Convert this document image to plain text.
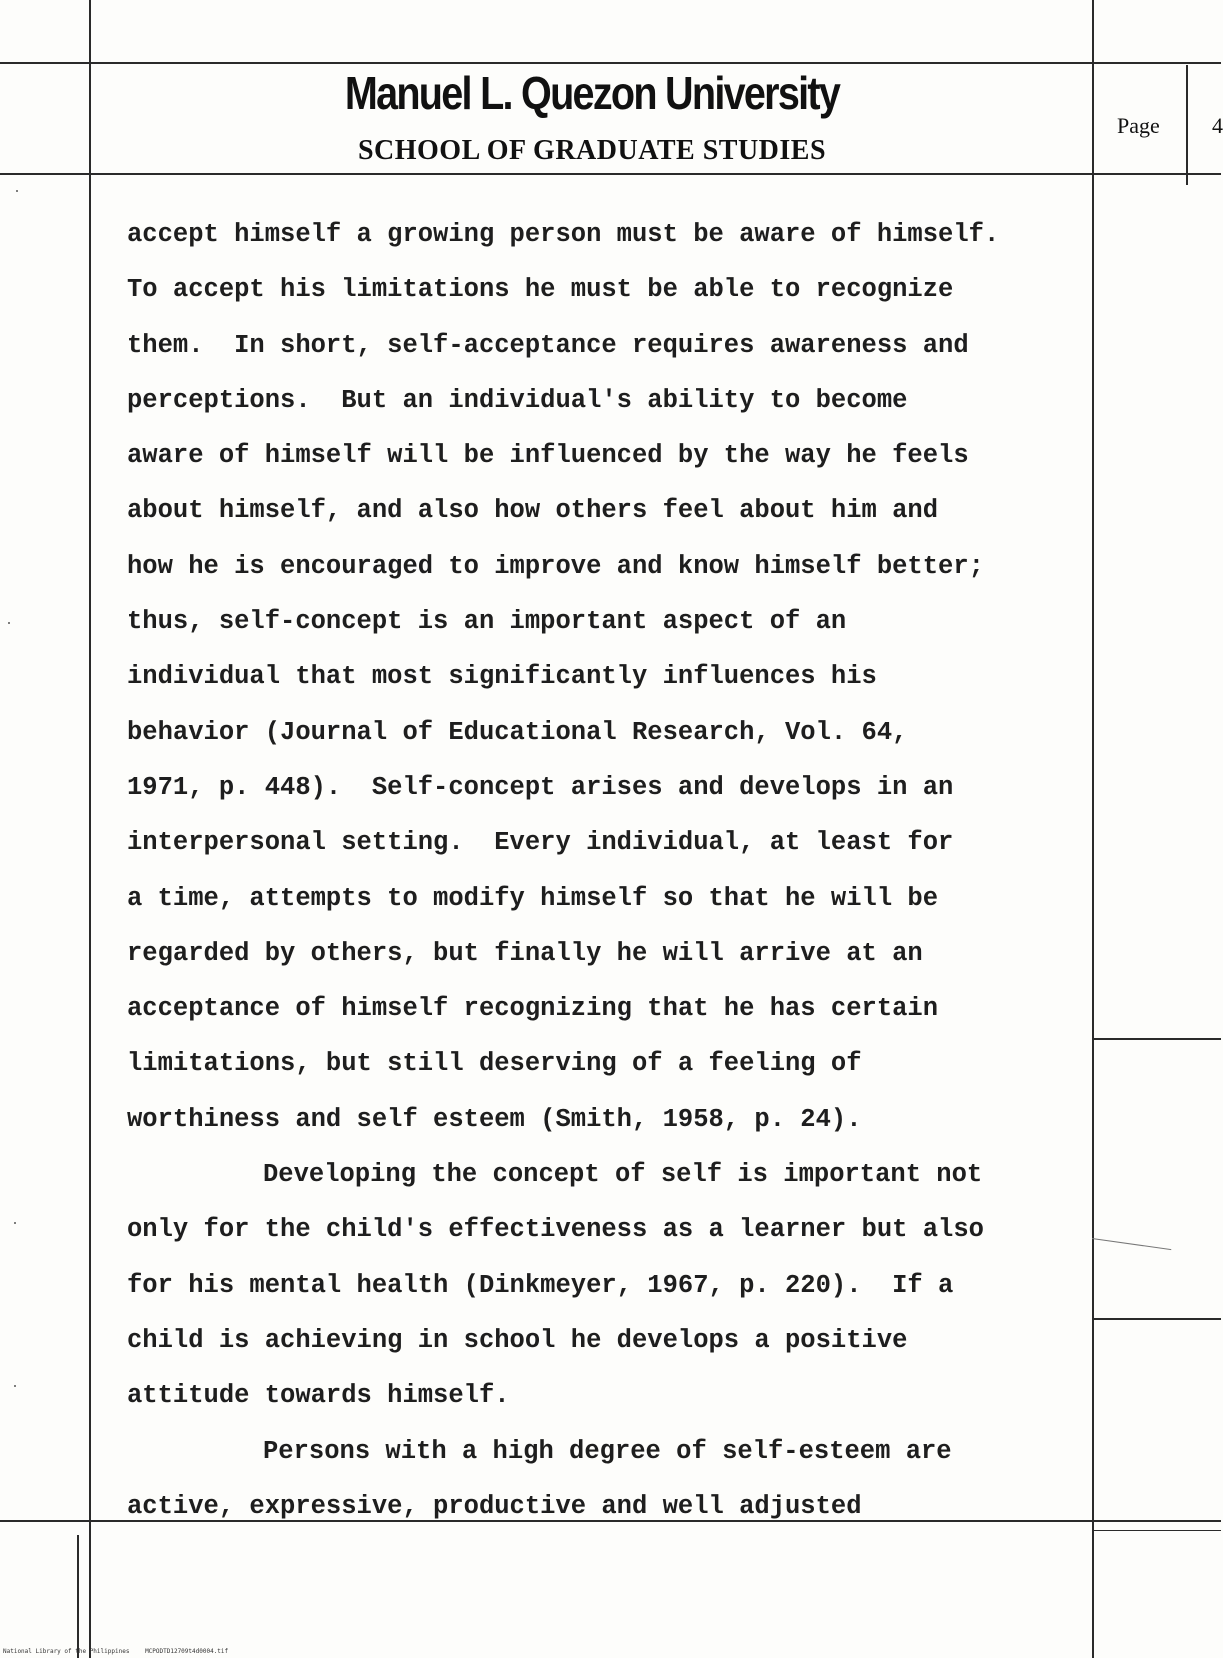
Manuel L. Quezon University
SCHOOL OF GRADUATE STUDIES
Page 4
accept himself a growing person must be aware of himself.
To accept his limitations he must be able to recognize
them.  In short, self-acceptance requires awareness and
perceptions.  But an individual's ability to become
aware of himself will be influenced by the way he feels
about himself, and also how others feel about him and
how he is encouraged to improve and know himself better;
thus, self-concept is an important aspect of an
individual that most significantly influences his
behavior (Journal of Educational Research, Vol. 64,
1971, p. 448).  Self-concept arises and develops in an
interpersonal setting.  Every individual, at least for
a time, attempts to modify himself so that he will be
regarded by others, but finally he will arrive at an
acceptance of himself recognizing that he has certain
limitations, but still deserving of a feeling of
worthiness and self esteem (Smith, 1958, p. 24).
Developing the concept of self is important not
only for the child's effectiveness as a learner but also
for his mental health (Dinkmeyer, 1967, p. 220).  If a
child is achieving in school he develops a positive
attitude towards himself.
Persons with a high degree of self-esteem are
active, expressive, productive and well adjusted
National Library of the Philippines	MCPODTD12709t4d0004.tif
